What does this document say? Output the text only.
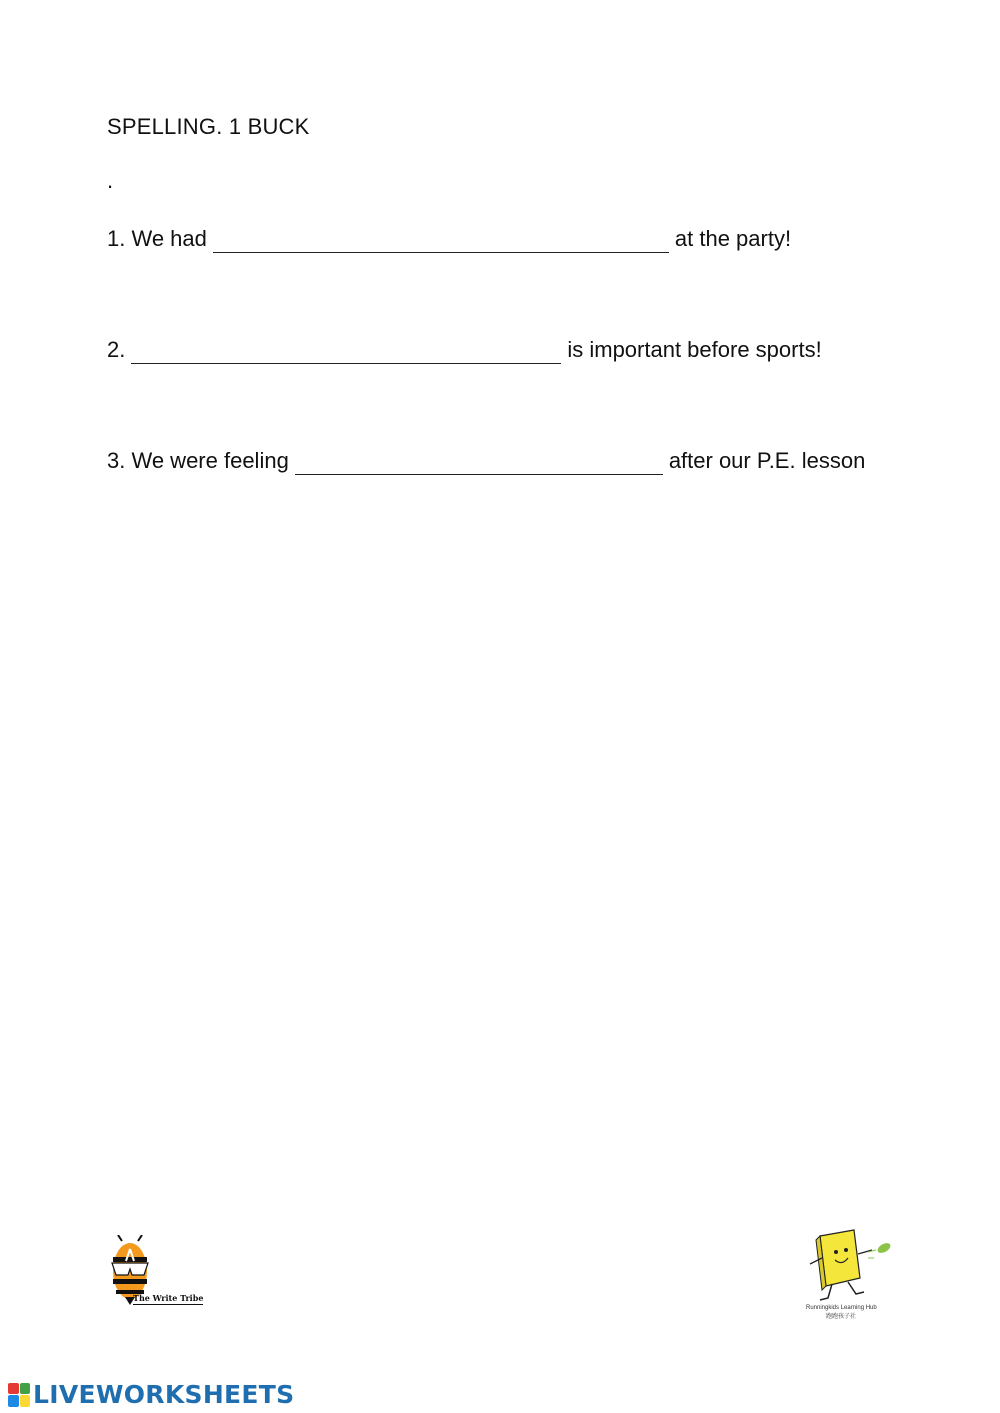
SPELLING. 1 BUCK
.
1. We had	at the party!
2.	is important before sports!
3. We were feeling	after our P.E. lesson
The Write Tribe
Runningkids Learning Hub
跑跑孩子社
LIVEWORKSHEETS
